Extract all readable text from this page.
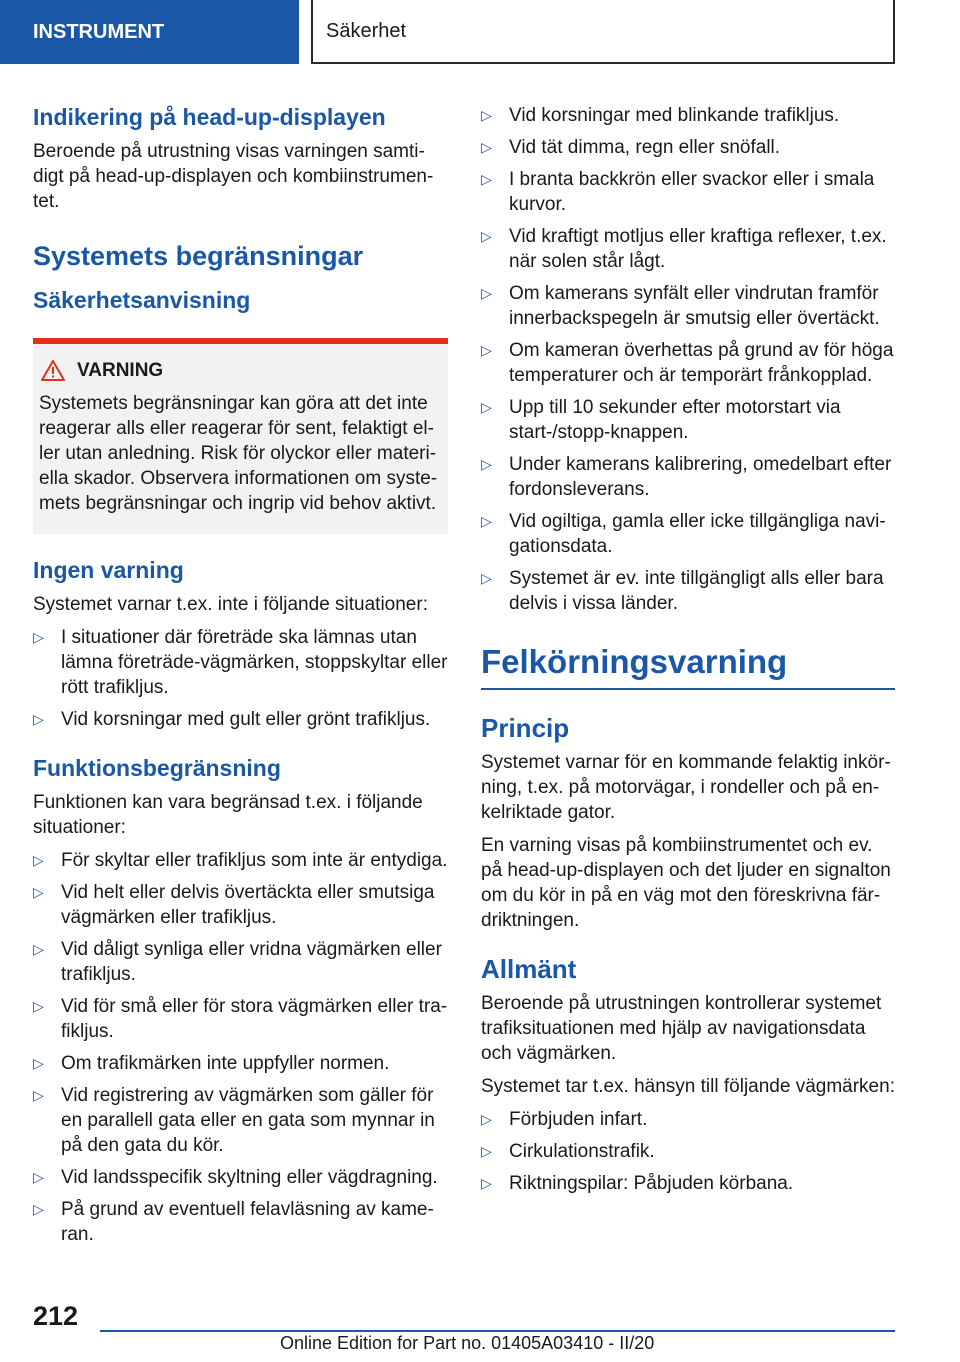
INSTRUMENT	Säkerhet
Indikering på head-up-displayen

Beroende på utrustning visas varningen samtidigt på head-up-displayen och kombiinstrumentet.

Systemets begränsningar
Säkerhetsanvisning
VARNING

Systemets begränsningar kan göra att det inte reagerar alls eller reagerar för sent, felaktigt eller utan anledning. Risk för olyckor eller materiella skador. Observera informationen om systemets begränsningar och ingrip vid behov aktivt.

Ingen varning

Systemet varnar t.ex. inte i följande situationer:

▷ I situationer där företräde ska lämnas utan lämna företräde-vägmärken, stoppskyltar eller rött trafikljus.
▷ Vid korsningar med gult eller grönt trafikljus.
Funktionsbegränsning

Funktionen kan vara begränsad t.ex. i följande situationer:

▷ För skyltar eller trafikljus som inte är entydiga.
▷ Vid helt eller delvis övertäckta eller smutsiga vägmärken eller trafikljus.
▷ Vid dåligt synliga eller vridna vägmärken eller trafikljus.
▷ Vid för små eller för stora vägmärken eller trafikljus.
▷ Om trafikmärken inte uppfyller normen.
▷ Vid registrering av vägmärken som gäller för en parallell gata eller en gata som mynnar in på den gata du kör.
▷ Vid landsspecifik skyltning eller vägdragning.
▷ På grund av eventuell felavläsning av kameran.
▷ Vid korsningar med blinkande trafikljus.
▷ Vid tät dimma, regn eller snöfall.
▷ I branta backkrön eller svackor eller i smala kurvor.
▷ Vid kraftigt motljus eller kraftiga reflexer, t.ex. när solen står lågt.
▷ Om kamerans synfält eller vindrutan framför innerbackspegeln är smutsig eller övertäckt.
▷ Om kameran överhettas på grund av för höga temperaturer och är temporärt frånkopplad.
▷ Upp till 10 sekunder efter motorstart via start-/stopp-knappen.
▷ Under kamerans kalibrering, omedelbart efter fordonsleverans.
▷ Vid ogiltiga, gamla eller icke tillgängliga navigationsdata.
▷ Systemet är ev. inte tillgängligt alls eller bara delvis i vissa länder.
Felkörningsvarning
Princip

Systemet varnar för en kommande felaktig inkörning, t.ex. på motorvägar, i rondeller och på enkelriktade gator.

En varning visas på kombiinstrumentet och ev. på head-up-displayen och det ljuder en signalton om du kör in på en väg mot den föreskrivna färdriktningen.

Allmänt

Beroende på utrustningen kontrollerar systemet trafiksituationen med hjälp av navigationsdata och vägmärken.

Systemet tar t.ex. hänsyn till följande vägmärken:

▷ Förbjuden infart.
▷ Cirkulationstrafik.
▷ Riktningspilar: Påbjuden körbana.
212
Online Edition for Part no. 01405A03410 - II/20
